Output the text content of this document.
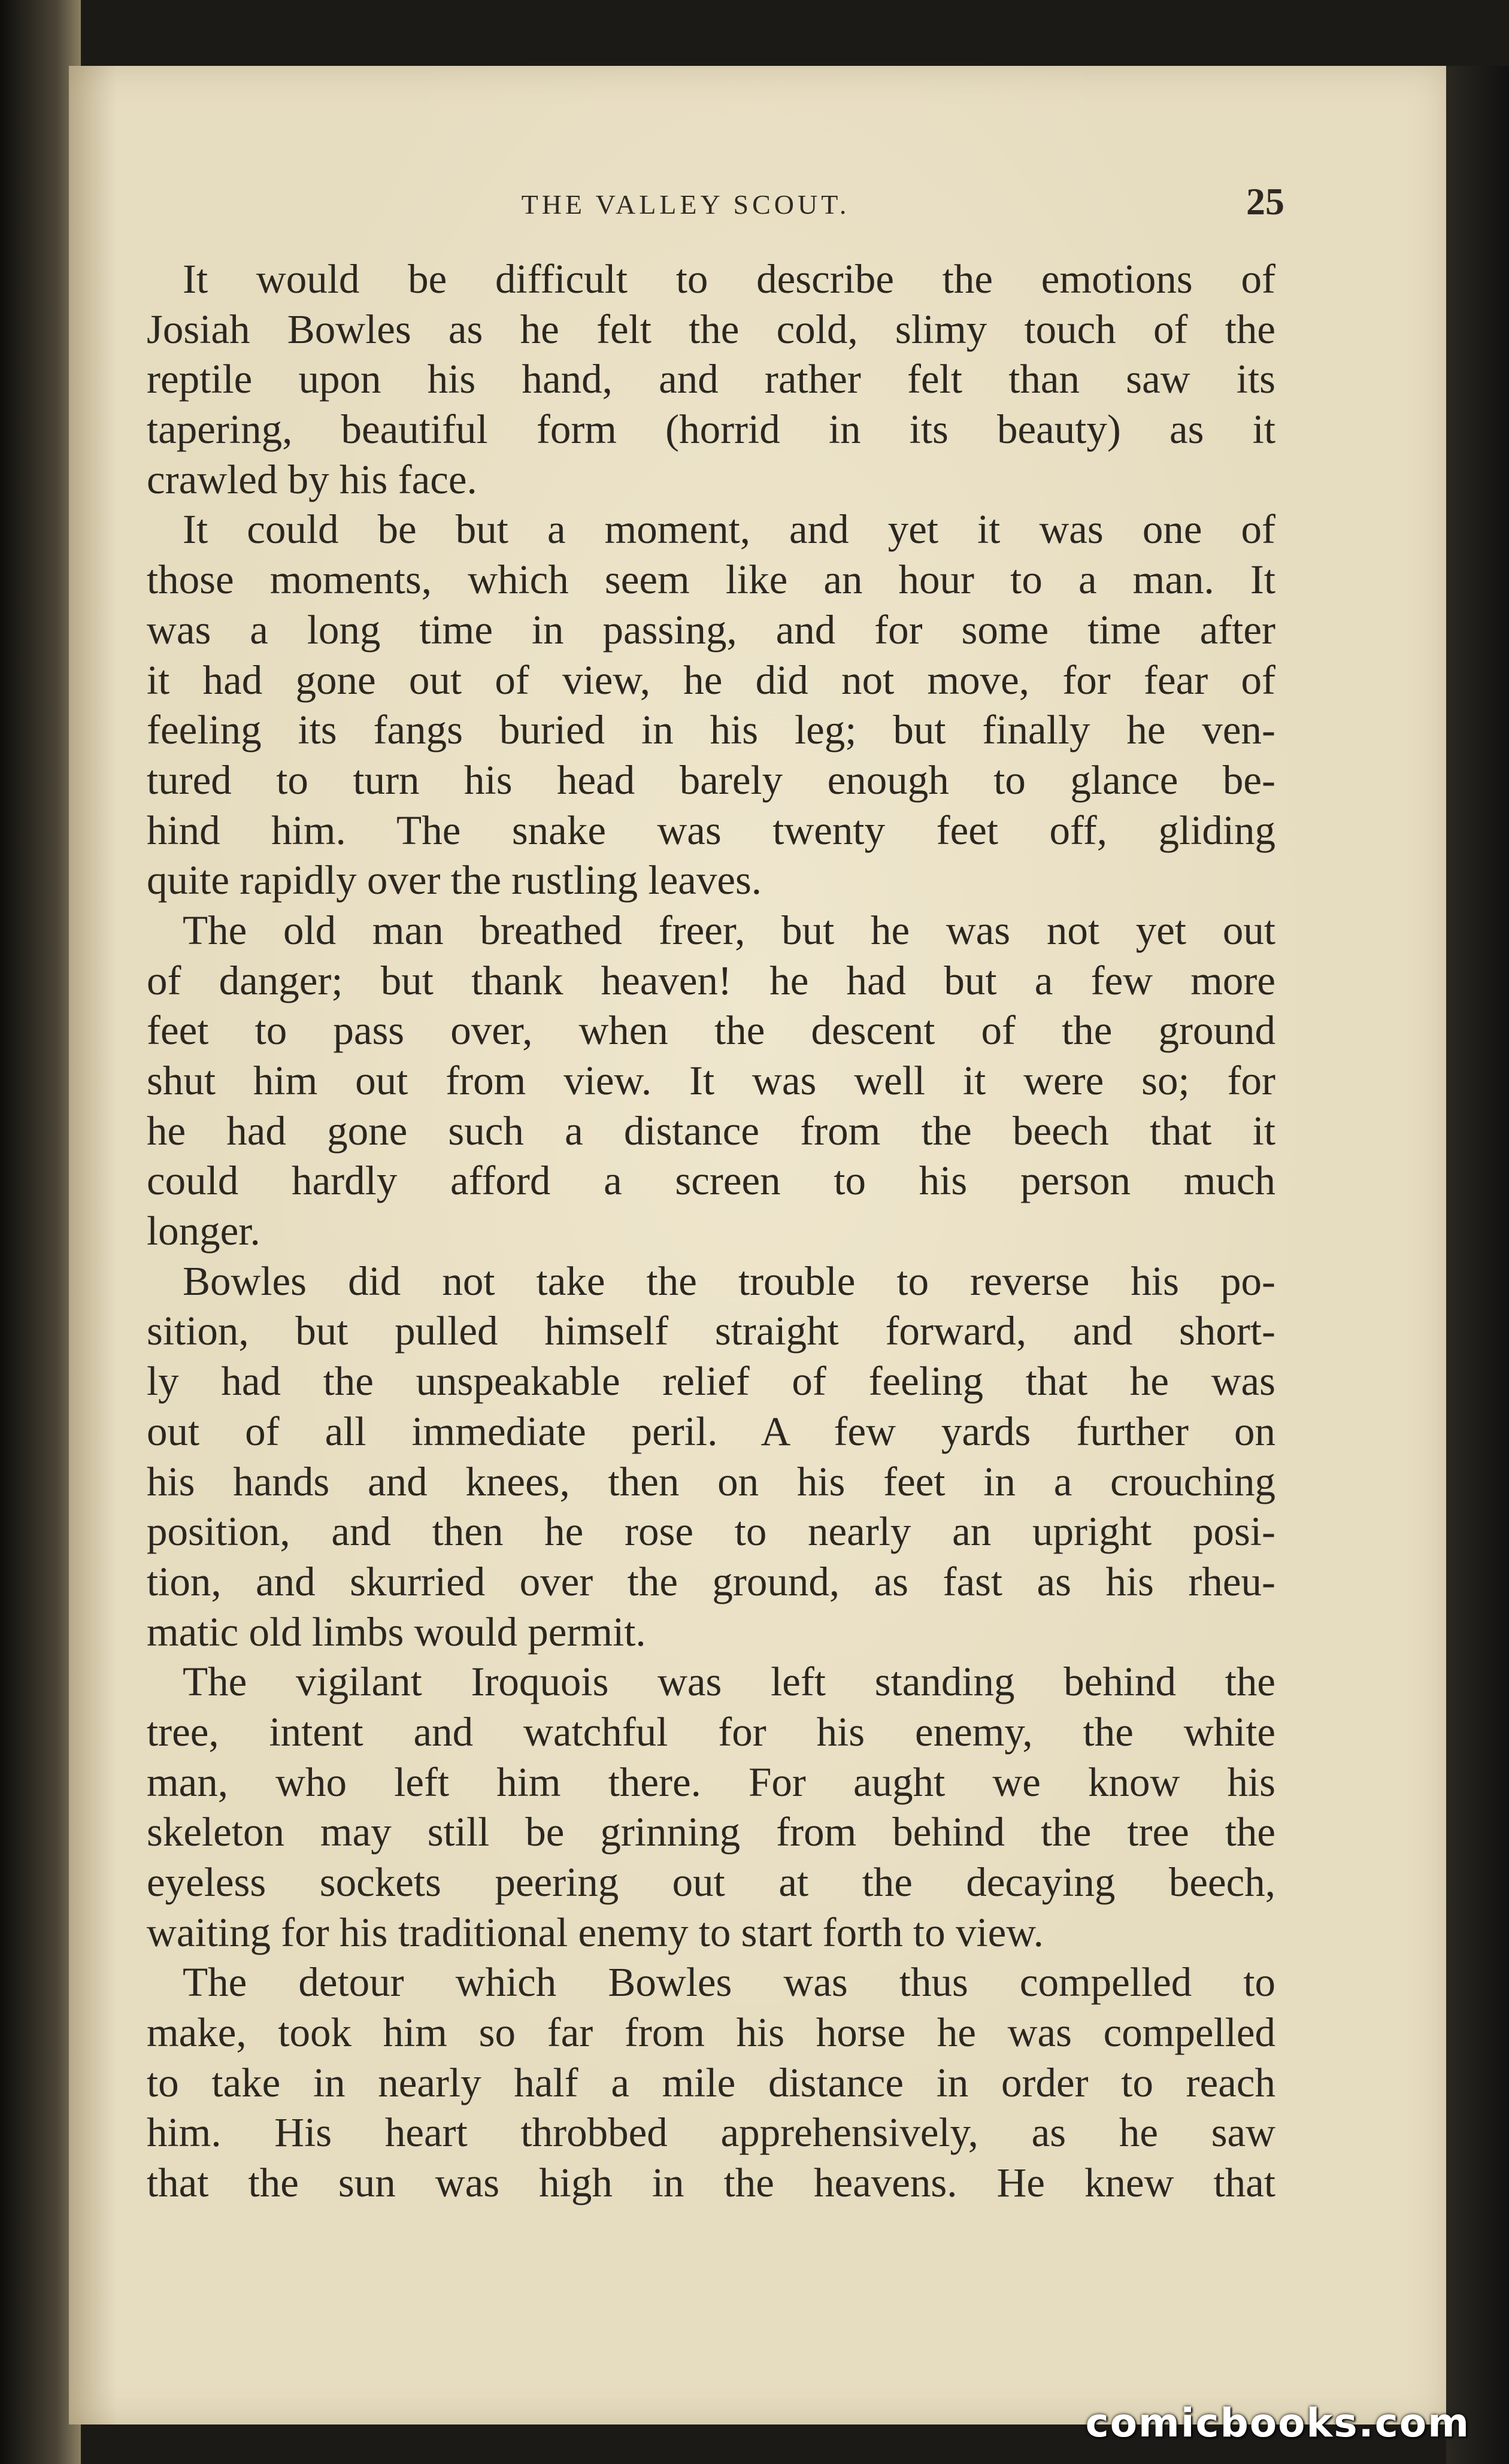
THE VALLEY SCOUT.	25
It would be difficult to describe the emotions of
Josiah Bowles as he felt the cold, slimy touch of the
reptile upon his hand, and rather felt than saw its
tapering, beautiful form (horrid in its beauty) as it
crawled by his face.
It could be but a moment, and yet it was one of
those moments, which seem like an hour to a man. It
was a long time in passing, and for some time after
it had gone out of view, he did not move, for fear of
feeling its fangs buried in his leg; but finally he ven-
tured to turn his head barely enough to glance be-
hind him. The snake was twenty feet off, gliding
quite rapidly over the rustling leaves.
The old man breathed freer, but he was not yet out
of danger; but thank heaven! he had but a few more
feet to pass over, when the descent of the ground
shut him out from view. It was well it were so; for
he had gone such a distance from the beech that it
could hardly afford a screen to his person much
longer.
Bowles did not take the trouble to reverse his po-
sition, but pulled himself straight forward, and short-
ly had the unspeakable relief of feeling that he was
out of all immediate peril. A few yards further on
his hands and knees, then on his feet in a crouching
position, and then he rose to nearly an upright posi-
tion, and skurried over the ground, as fast as his rheu-
matic old limbs would permit.
The vigilant Iroquois was left standing behind the
tree, intent and watchful for his enemy, the white
man, who left him there. For aught we know his
skeleton may still be grinning from behind the tree the
eyeless sockets peering out at the decaying beech,
waiting for his traditional enemy to start forth to view.
The detour which Bowles was thus compelled to
make, took him so far from his horse he was compelled
to take in nearly half a mile distance in order to reach
him. His heart throbbed apprehensively, as he saw
that the sun was high in the heavens. He knew that
comicbooks.com
